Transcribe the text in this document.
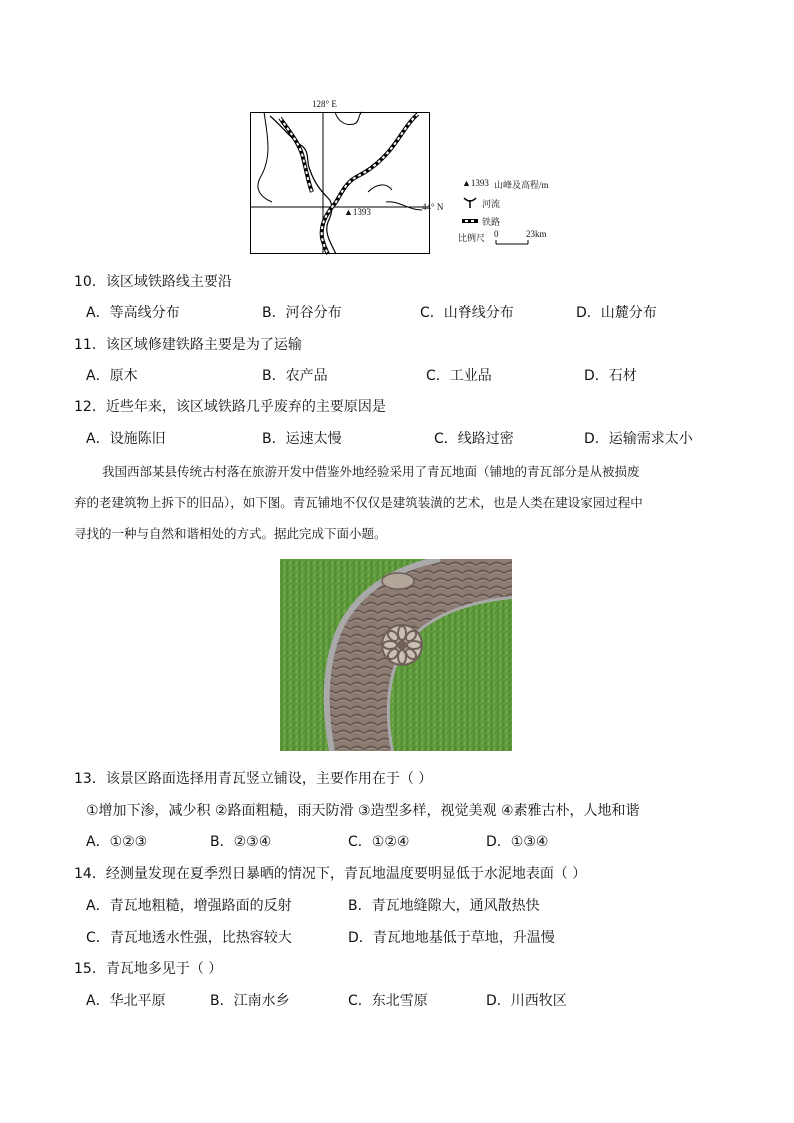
128° E
44° N
▲1393
▲1393 山峰及高程/m
河流
铁路
比例尺 0	23km
10．该区域铁路线主要沿
A．等高线分布	B．河谷分布	C．山脊线分布	D．山麓分布
11．该区域修建铁路主要是为了运输
A．原木	B．农产品	C．工业品	D．石材
12．近些年来，该区域铁路几乎废弃的主要原因是
A．设施陈旧	B．运速太慢	C．线路过密	D．运输需求太小
我国西部某县传统古村落在旅游开发中借鉴外地经验采用了青瓦地面（铺地的青瓦部分是从被损废
弃的老建筑物上拆下的旧品），如下图。青瓦铺地不仅仅是建筑装潢的艺术，也是人类在建设家园过程中
寻找的一种与自然和谐相处的方式。据此完成下面小题。
13．该景区路面选择用青瓦竖立铺设，主要作用在于（ ）
①增加下渗，减少积 ②路面粗糙，雨天防滑 ③造型多样，视觉美观 ④素雅古朴，人地和谐
A．①②③	B．②③④	C．①②④	D．①③④
14．经测量发现在夏季烈日暴晒的情况下，青瓦地温度要明显低于水泥地表面（ ）
A．青瓦地粗糙，增强路面的反射	B．青瓦地缝隙大，通风散热快
C．青瓦地透水性强，比热容较大	D．青瓦地地基低于草地，升温慢
15．青瓦地多见于（ ）
A．华北平原	B．江南水乡	C．东北雪原	D．川西牧区
